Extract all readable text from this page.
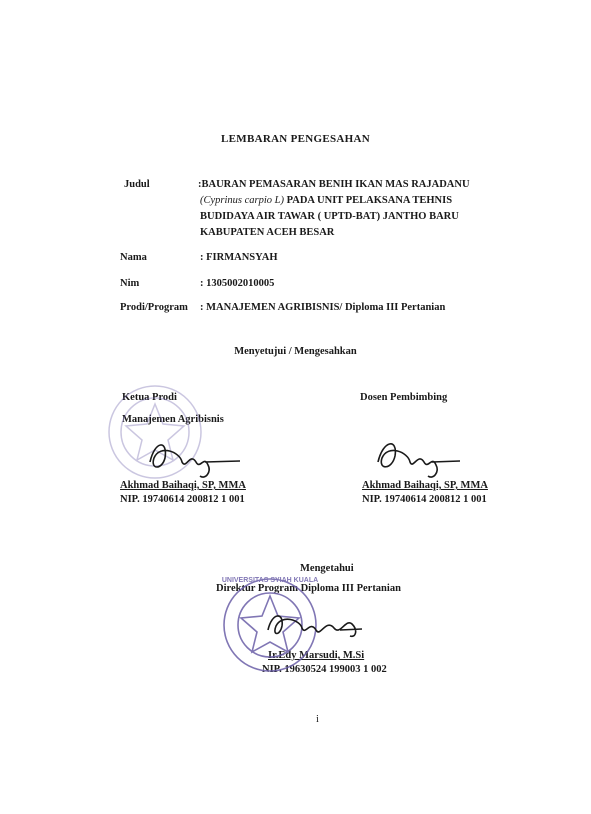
LEMBARAN PENGESAHAN
Judul	:BAURAN PEMASARAN BENIH IKAN MAS RAJADANU
(Cyprinus carpio L) PADA UNIT PELAKSANA TEHNIS
BUDIDAYA AIR TAWAR ( UPTD-BAT) JANTHO BARU
KABUPATEN ACEH BESAR
Nama	: FIRMANSYAH
Nim	: 1305002010005
Prodi/Program : MANAJEMEN AGRIBISNIS/ Diploma III Pertanian
Menyetujui / Mengesahkan
Ketua Prodi
Manajemen Agribisnis
Akhmad Baihaqi, SP, MMA
NIP. 19740614 200812 1 001
Dosen Pembimbing
Akhmad Baihaqi, SP, MMA
NIP. 19740614 200812 1 001
Mengetahui
Direktur Program Diploma III Pertanian
Ir.Edy Marsudi, M.Si
NIP. 19630524 199003 1 002
i
UNIVERSITAS SYIAH KUALA
